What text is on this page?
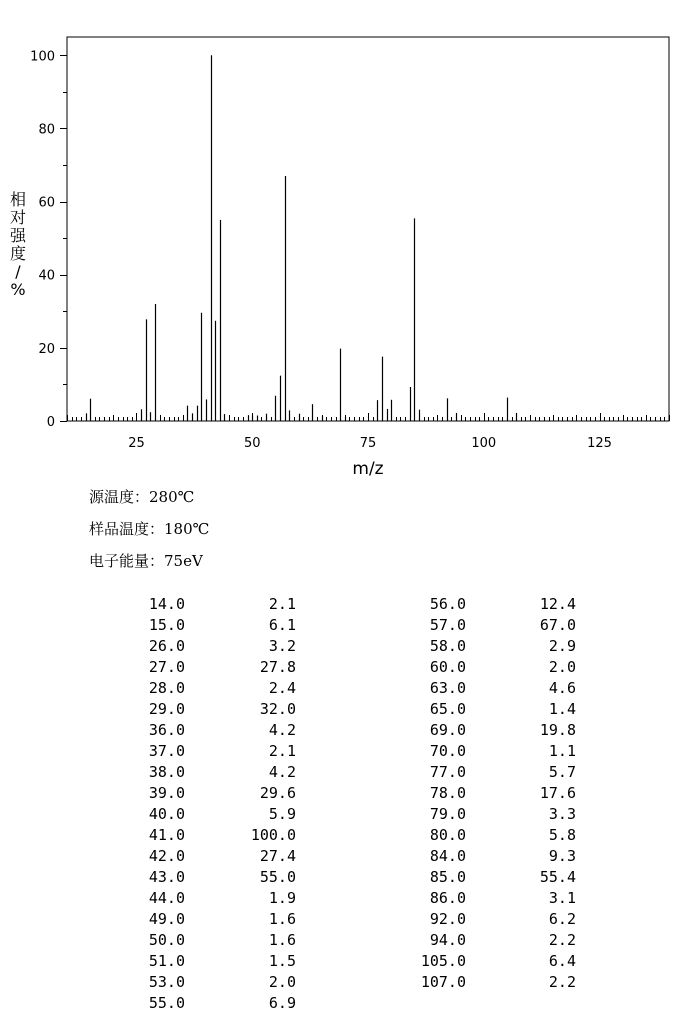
25	50	75	100	125
0
20
40
60
80
100
m/z
相对强度/ %
源温度：280℃
样品温度：180℃
电子能量：75eV
14.0	2.1
15.0	6.1
26.0	3.2
27.0	27.8
28.0	2.4
29.0	32.0
36.0	4.2
37.0	2.1
38.0	4.2
39.0	29.6
40.0	5.9
41.0	100.0
42.0	27.4
43.0	55.0
44.0	1.9
49.0	1.6
50.0	1.6
51.0	1.5
53.0	2.0
55.0	6.9
56.0	12.4
57.0	67.0
58.0	2.9
60.0	2.0
63.0	4.6
65.0	1.4
69.0	19.8
70.0	1.1
77.0	5.7
78.0	17.6
79.0	3.3
80.0	5.8
84.0	9.3
85.0	55.4
86.0	3.1
92.0	6.2
94.0	2.2
105.0	6.4
107.0	2.2
